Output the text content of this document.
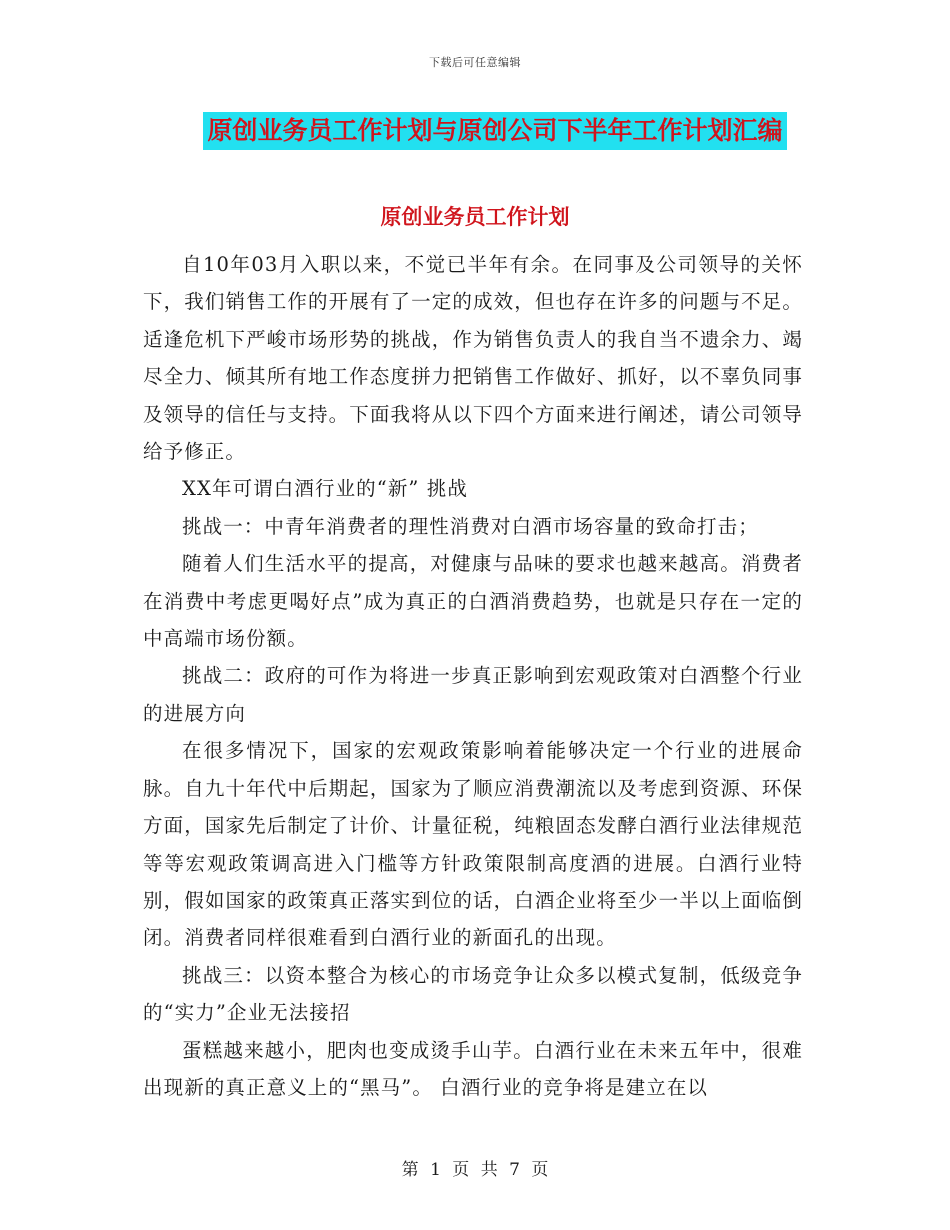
下载后可任意编辑
原创业务员工作计划与原创公司下半年工作计划汇编
原创业务员工作计划

自10年03月入职以来，不觉已半年有余。在同事及公司领导的关怀下，我们销售工作的开展有了一定的成效，但也存在许多的问题与不足。适逢危机下严峻市场形势的挑战，作为销售负责人的我自当不遗余力、竭尽全力、倾其所有地工作态度拼力把销售工作做好、抓好，以不辜负同事及领导的信任与支持。下面我将从以下四个方面来进行阐述，请公司领导给予修正。

XX年可谓白酒行业的“新” 挑战

挑战一：中青年消费者的理性消费对白酒市场容量的致命打击；

随着人们生活水平的提高，对健康与品味的要求也越来越高。消费者在消费中考虑更喝好点”成为真正的白酒消费趋势，也就是只存在一定的中高端市场份额。

挑战二：政府的可作为将进一步真正影响到宏观政策对白酒整个行业的进展方向

在很多情况下，国家的宏观政策影响着能够决定一个行业的进展命脉。自九十年代中后期起，国家为了顺应消费潮流以及考虑到资源、环保方面，国家先后制定了计价、计量征税，纯粮固态发酵白酒行业法律规范等等宏观政策调高进入门槛等方针政策限制高度酒的进展。白酒行业特别，假如国家的政策真正落实到位的话，白酒企业将至少一半以上面临倒闭。消费者同样很难看到白酒行业的新面孔的出现。

挑战三：以资本整合为核心的市场竞争让众多以模式复制，低级竞争的“实力”企业无法接招

蛋糕越来越小，肥肉也变成烫手山芋。白酒行业在未来五年中，很难出现新的真正意义上的“黑马”。 白酒行业的竞争将是建立在以

第 1 页 共 7 页
